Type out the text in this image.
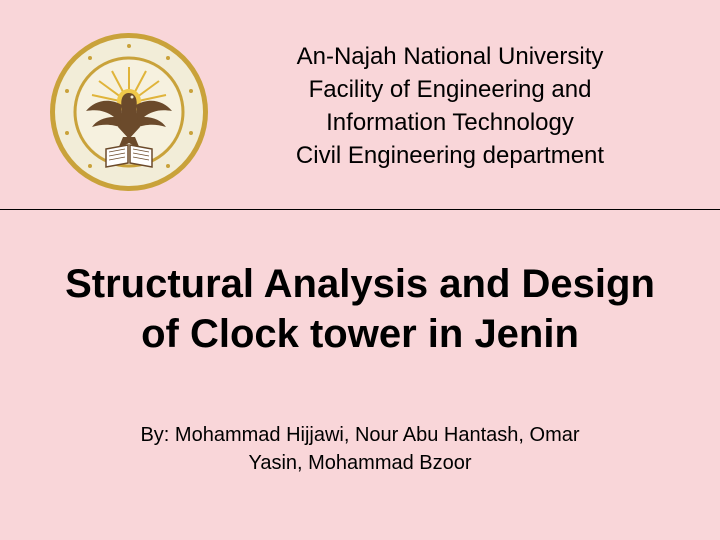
An-Najah National University
Facility of Engineering and
Information Technology
Civil Engineering department
Structural Analysis and Design
of Clock tower in Jenin
By: Mohammad Hijjawi, Nour Abu Hantash, Omar
Yasin, Mohammad Bzoor
